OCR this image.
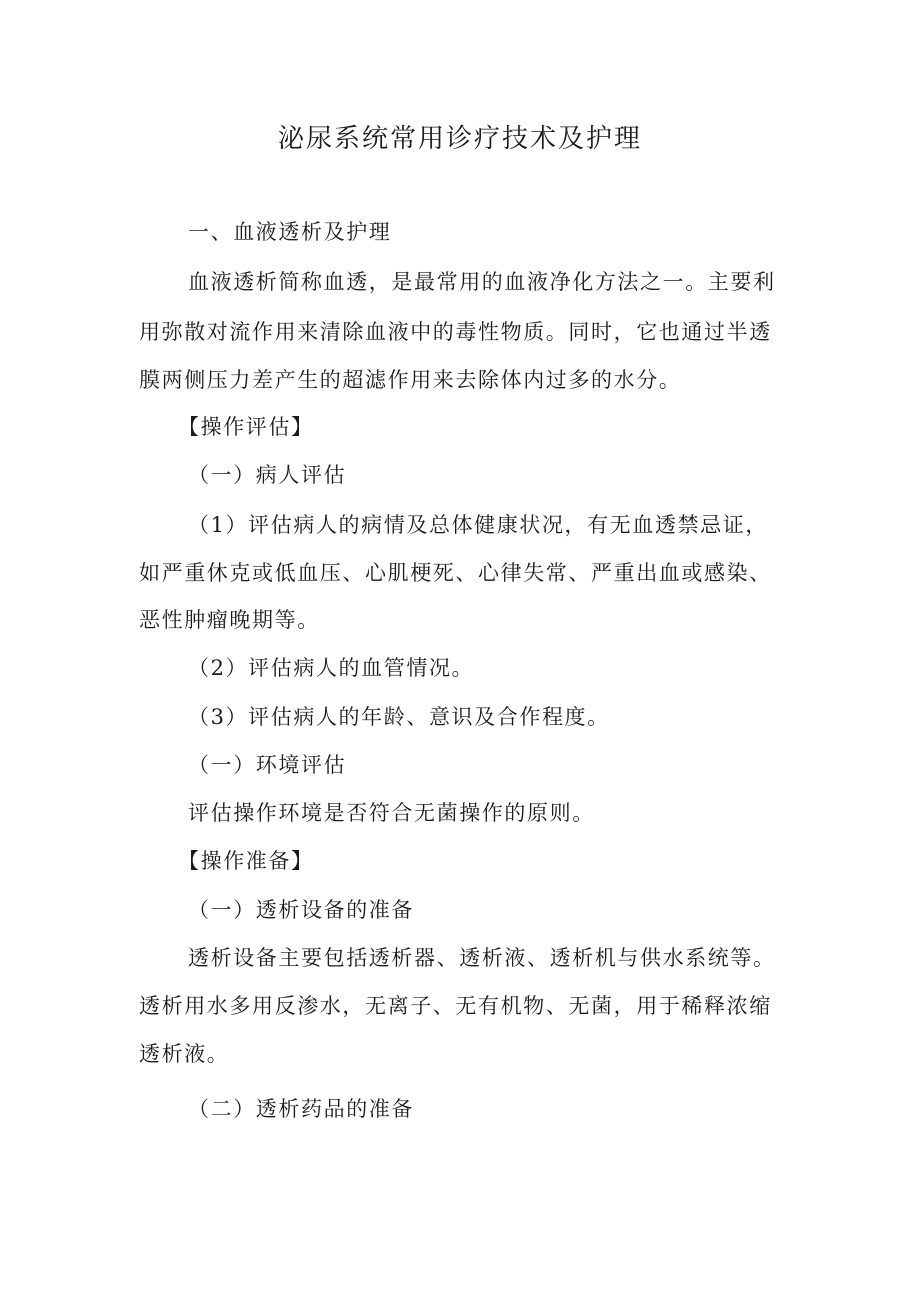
泌尿系统常用诊疗技术及护理

一、血液透析及护理

血液透析简称血透，是最常用的血液净化方法之一。主要利

用弥散对流作用来清除血液中的毒性物质。同时，它也通过半透

膜两侧压力差产生的超滤作用来去除体内过多的水分。

【操作评估】

（一）病人评估

（1）评估病人的病情及总体健康状况，有无血透禁忌证，

如严重休克或低血压、心肌梗死、心律失常、严重出血或感染、

恶性肿瘤晚期等。

（2）评估病人的血管情况。

（3）评估病人的年龄、意识及合作程度。

（一）环境评估

评估操作环境是否符合无菌操作的原则。

【操作准备】

（一）透析设备的准备

透析设备主要包括透析器、透析液、透析机与供水系统等。

透析用水多用反渗水，无离子、无有机物、无菌，用于稀释浓缩

透析液。

（二）透析药品的准备
